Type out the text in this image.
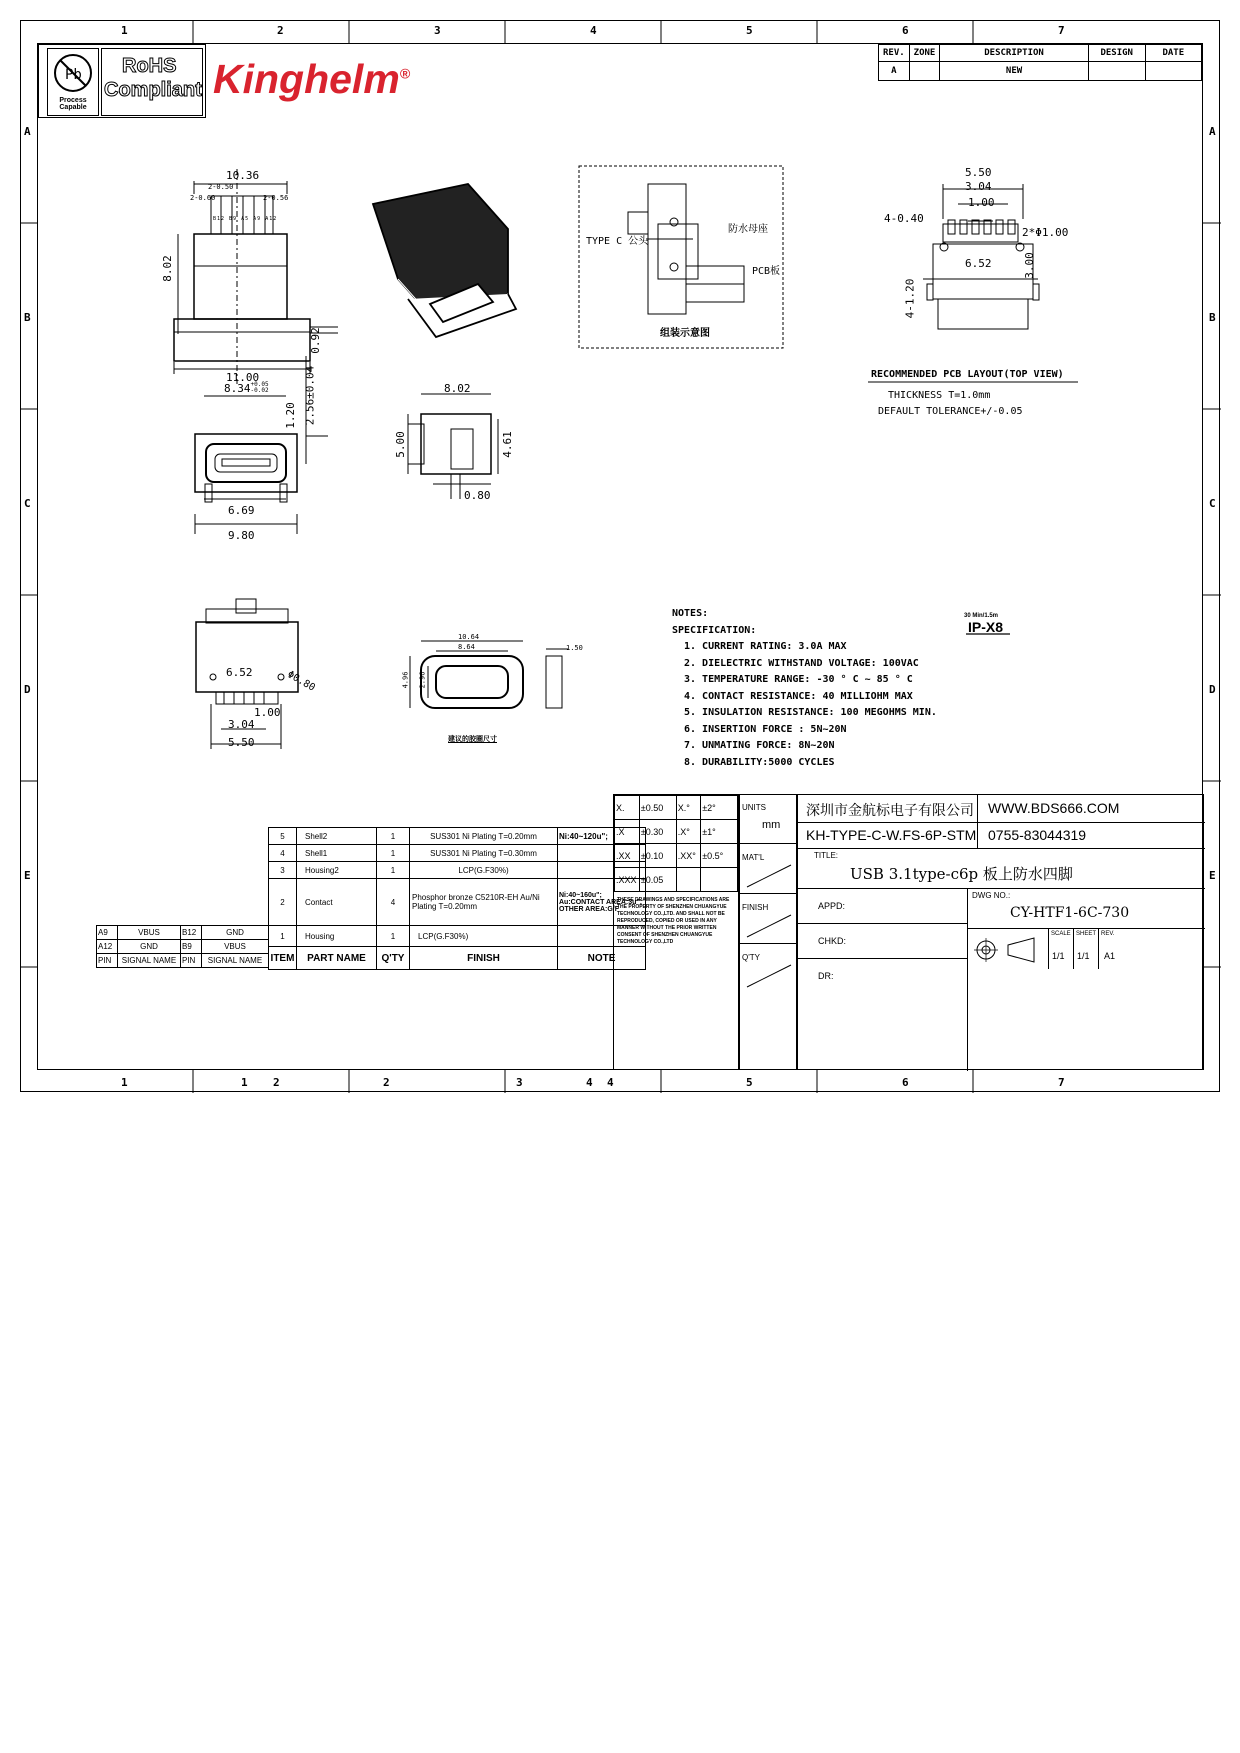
1	2	3	4	5	6	7
1	1 2	2	3	4 4	5	6	7
A
B
C
D
E
A
B
C
D
E
Pb
Process Capable
RoHS
Compliant Kinghelm®
REV.	ZONE	DESCRIPTION	DESIGN	DATE
A		NEW		
10.36
2-0.50
2-0.60	2-0.56
8.02
11.00
0.92
B12 B9 A5 A9 A12
8.34+0.05
-0.02
1.20 2.56±0.04
6.69
9.80
8.02
5.00	4.61
0.80
TYPE C 公头
防水母座
PCB板
组装示意图
5.50
3.04
1.00
4-0.40
2*Φ1.00
6.52	3.00
4-1.20
RECOMMENDED PCB LAYOUT(TOP VIEW)
THICKNESS T=1.0mm
DEFAULT TOLERANCE+/-0.05
6.52	Φ0.80
1.00
3.04
5.50
10.64
8.64
4.96 2.96
1.50
建议的胶圈尺寸
NOTES:
SPECIFICATION:
1. CURRENT RATING: 3.0A MAX
2. DIELECTRIC WITHSTAND VOLTAGE: 100VAC
3. TEMPERATURE RANGE: -30 ° C ~ 85 ° C
4. CONTACT RESISTANCE: 40 MILLIOHM MAX
5. INSULATION RESISTANCE: 100 MEGOHMS MIN.
6. INSERTION FORCE : 5N~20N
7. UNMATING FORCE: 8N~20N
8. DURABILITY:5000 CYCLES
30 Min/1.5m
IP-X8
A9	VBUS	B12	GND
A12	GND	B9	VBUS
PIN	SIGNAL NAME	PIN	SIGNAL NAME
5	Shell2	1	SUS301 Ni Plating T=0.20mm	Ni:40~120u";
4	Shell1	1	SUS301 Ni Plating T=0.30mm	
3	Housing2	1	LCP(G.F30%)	
2	Contact	4	Phosphor bronze C5210R-EH Au/Ni Plating T=0.20mm	Ni:40~160u"; Au:CONTACT AREA:3u"; OTHER AREA:G/F
1	Housing	1	LCP(G.F30%)	
ITEM	PART NAME	Q'TY	FINISH	NOTE
X.	±0.50	X.°	±2°
.X	±0.30	.X°	±1°
.XX	±0.10	.XX°	±0.5°
.XXX	±0.05		
THESE DRAWINGS AND SPECIFICATIONS ARE THE PROPERTY OF SHENZHEN CHUANGYUE TECHNOLOGY CO.,LTD. AND SHALL NOT BE REPRODUCED, COPIED OR USED IN ANY MANNER WITHOUT THE PRIOR WRITTEN CONSENT OF SHENZHEN CHUANGYUE TECHNOLOGY CO.,LTD
UNITS
mm
MAT'L
FINISH
Q'TY
深圳市金航标电子有限公司 WWW.BDS666.COM
KH-TYPE-C-W.FS-6P-STM 0755-83044319
TITLE:
USB 3.1type-c6p 板上防水四脚
APPD:
CHKD:
DR:
DWG NO.:
CY-HTF1-6C-730
SCALE
1/1
SHEET
1/1
REV.
A1
